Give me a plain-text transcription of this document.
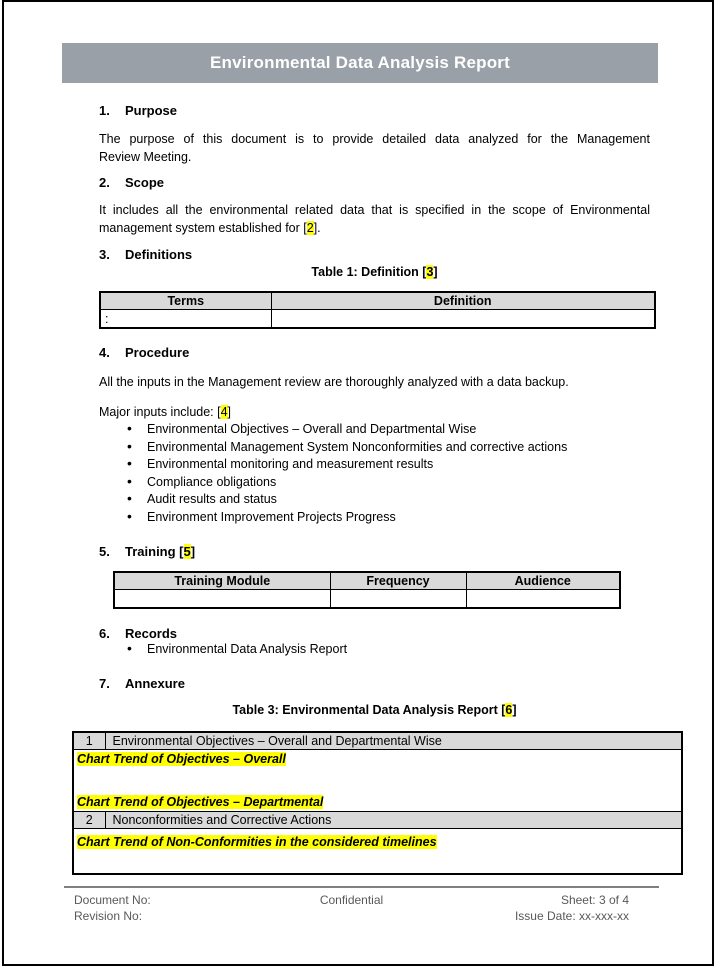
Environmental Data Analysis Report
1.	Purpose
The purpose of this document is to provide detailed data analyzed for the Management
Review Meeting.
2.	Scope
It includes all the environmental related data that is specified in the scope of Environmental
management system established for [2].
3.	Definitions
Table 1: Definition [3]
Terms	Definition
:	
4.	Procedure
All the inputs in the Management review are thoroughly analyzed with a data backup.
Major inputs include: [4]
• Environmental Objectives – Overall and Departmental Wise
• Environmental Management System Nonconformities and corrective actions
• Environmental monitoring and measurement results
• Compliance obligations
• Audit results and status
• Environment Improvement Projects Progress
5.	Training [5]
Training Module	Frequency	Audience

6.	Records
• Environmental Data Analysis Report
7.	Annexure
Table 3: Environmental Data Analysis Report [6]
1	Environmental Objectives – Overall and Departmental Wise

Chart Trend of Objectives – Overall

Chart Trend of Objectives – Departmental	

2	Nonconformities and Corrective Actions

Chart Trend of Non-Conformities in the considered timelines	

Document No:	Confidential	Sheet: 3 of 4
Revision No:	Issue Date: xx-xxx-xx
